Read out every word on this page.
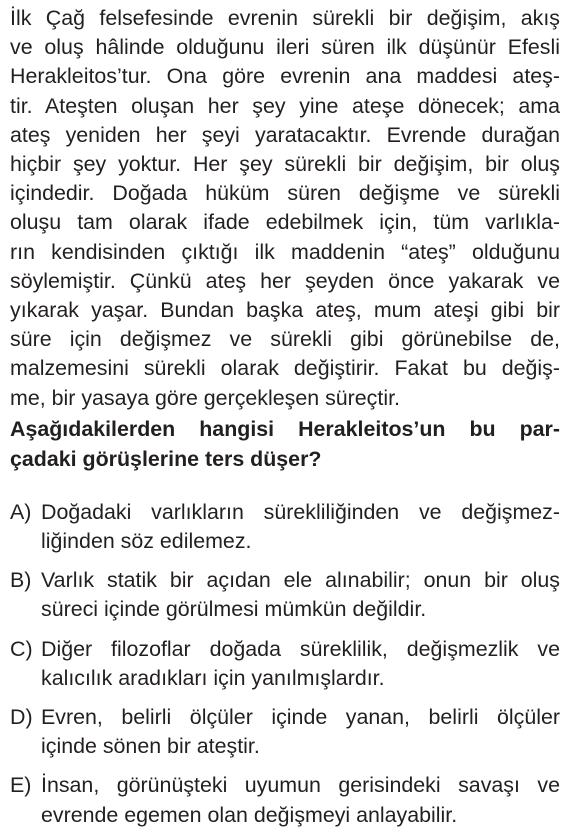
İlk Çağ felsefesinde evrenin sürekli bir değişim, akış
ve oluş hâlinde olduğunu ileri süren ilk düşünür Efesli
Herakleitos’tur. Ona göre evrenin ana maddesi ateş-
tir. Ateşten oluşan her şey yine ateşe dönecek; ama
ateş yeniden her şeyi yaratacaktır. Evrende durağan
hiçbir şey yoktur. Her şey sürekli bir değişim, bir oluş
içindedir. Doğada hüküm süren değişme ve sürekli
oluşu tam olarak ifade edebilmek için, tüm varlıkla-
rın kendisinden çıktığı ilk maddenin “ateş” olduğunu
söylemiştir. Çünkü ateş her şeyden önce yakarak ve
yıkarak yaşar. Bundan başka ateş, mum ateşi gibi bir
süre için değişmez ve sürekli gibi görünebilse de,
malzemesini sürekli olarak değiştirir. Fakat bu değiş-
me, bir yasaya göre gerçekleşen süreçtir.

Aşağıdakilerden hangisi Herakleitos’un bu par-
çadaki görüşlerine ters düşer?

A) Doğadaki varlıkların sürekliliğinden ve değişmez-
liğinden söz edilemez.
B) Varlık statik bir açıdan ele alınabilir; onun bir oluş
süreci içinde görülmesi mümkün değildir.
C) Diğer filozoflar doğada süreklilik, değişmezlik ve
kalıcılık aradıkları için yanılmışlardır.
D) Evren, belirli ölçüler içinde yanan, belirli ölçüler
içinde sönen bir ateştir.
E) İnsan, görünüşteki uyumun gerisindeki savaşı ve
evrende egemen olan değişmeyi anlayabilir.
